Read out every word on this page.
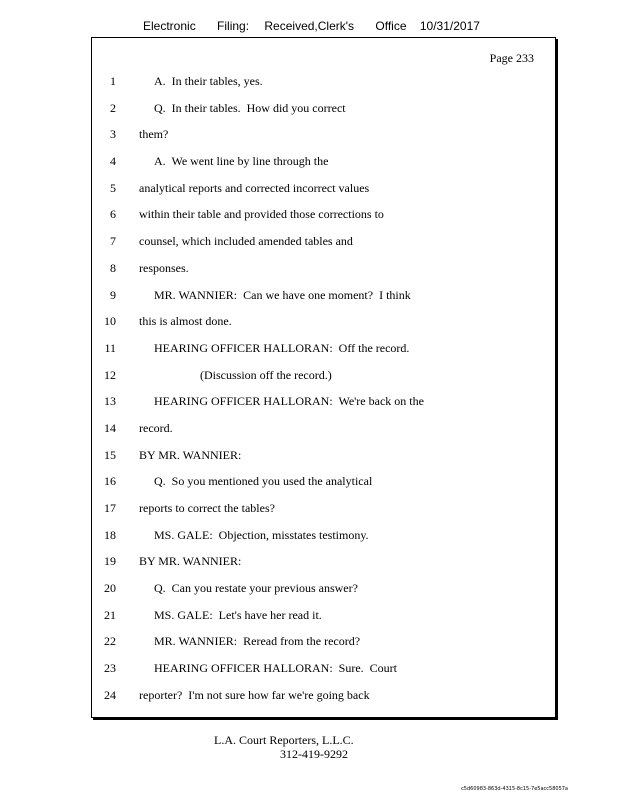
Electronic Filing: Received,Clerk's Office 10/31/2017
Page 233
1	A.  In their tables, yes.
2	Q.  In their tables.  How did you correct
3 them?
4	A.  We went line by line through the
5 analytical reports and corrected incorrect values
6 within their table and provided those corrections to
7 counsel, which included amended tables and
8 responses.
9	MR. WANNIER:  Can we have one moment?  I think
10 this is almost done.
11	HEARING OFFICER HALLORAN:  Off the record.
12	(Discussion off the record.)
13	HEARING OFFICER HALLORAN:  We're back on the
14 record.
15 BY MR. WANNIER:
16	Q.  So you mentioned you used the analytical
17 reports to correct the tables?
18	MS. GALE:  Objection, misstates testimony.
19 BY MR. WANNIER:
20	Q.  Can you restate your previous answer?
21	MS. GALE:  Let's have her read it.
22	MR. WANNIER:  Reread from the record?
23	HEARING OFFICER HALLORAN:  Sure.  Court
24 reporter?  I'm not sure how far we're going back
L.A. Court Reporters, L.L.C.
312-419-9292
c5d60983-863d-4315-8c15-7e5acc58057a
